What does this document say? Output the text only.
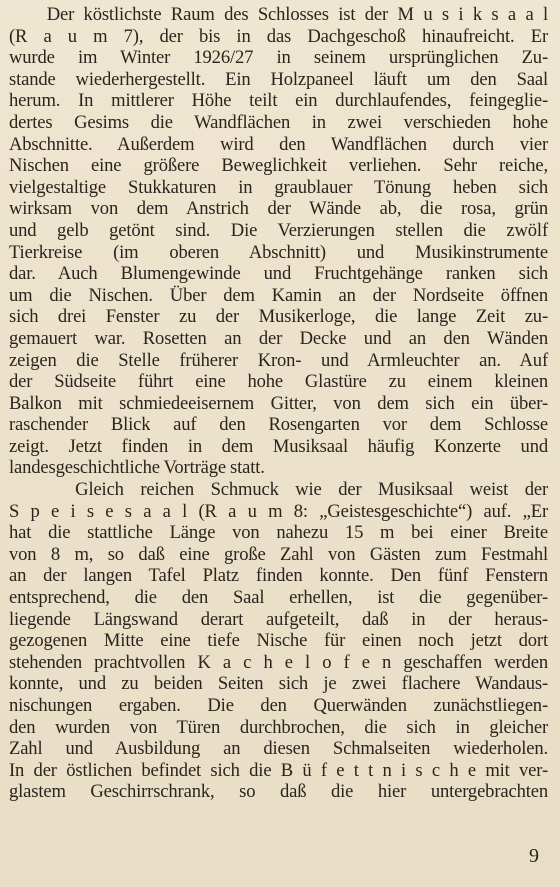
Der köstlichste Raum des Schlosses ist der M u s i k s a a l
(R a u m 7), der bis in das Dachgeschoß hinaufreicht. Er
wurde im Winter 1926/27 in seinem ursprünglichen Zu-
stande wiederhergestellt. Ein Holzpaneel läuft um den Saal
herum. In mittlerer Höhe teilt ein durchlaufendes, feingeglie-
dertes Gesims die Wandflächen in zwei verschieden hohe
Abschnitte. Außerdem wird den Wandflächen durch vier
Nischen eine größere Beweglichkeit verliehen. Sehr reiche,
vielgestaltige Stukkaturen in graublauer Tönung heben sich
wirksam von dem Anstrich der Wände ab, die rosa, grün
und gelb getönt sind. Die Verzierungen stellen die zwölf
Tierkreise (im oberen Abschnitt) und Musikinstrumente
dar. Auch Blumengewinde und Fruchtgehänge ranken sich
um die Nischen. Über dem Kamin an der Nordseite öffnen
sich drei Fenster zu der Musikerloge, die lange Zeit zu-
gemauert war. Rosetten an der Decke und an den Wänden
zeigen die Stelle früherer Kron- und Armleuchter an. Auf
der Südseite führt eine hohe Glastüre zu einem kleinen
Balkon mit schmiedeeisernem Gitter, von dem sich ein über-
raschender Blick auf den Rosengarten vor dem Schlosse
zeigt. Jetzt finden in dem Musiksaal häufig Konzerte und
landesgeschichtliche Vorträge statt.
Gleich reichen Schmuck wie der Musiksaal weist der
S p e i s e s a a l (R a u m 8: „Geistesgeschichte“) auf. „Er
hat die stattliche Länge von nahezu 15 m bei einer Breite
von 8 m, so daß eine große Zahl von Gästen zum Festmahl
an der langen Tafel Platz finden konnte. Den fünf Fenstern
entsprechend, die den Saal erhellen, ist die gegenüber-
liegende Längswand derart aufgeteilt, daß in der heraus-
gezogenen Mitte eine tiefe Nische für einen noch jetzt dort
stehenden prachtvollen K a c h e l o f e n geschaffen werden
konnte, und zu beiden Seiten sich je zwei flachere Wandaus-
nischungen ergaben. Die den Querwänden zunächstliegen-
den wurden von Türen durchbrochen, die sich in gleicher
Zahl und Ausbildung an diesen Schmalseiten wiederholen.
In der östlichen befindet sich die B ü f e t t n i s c h e mit ver-
glastem Geschirrschrank, so daß die hier untergebrachten
9
